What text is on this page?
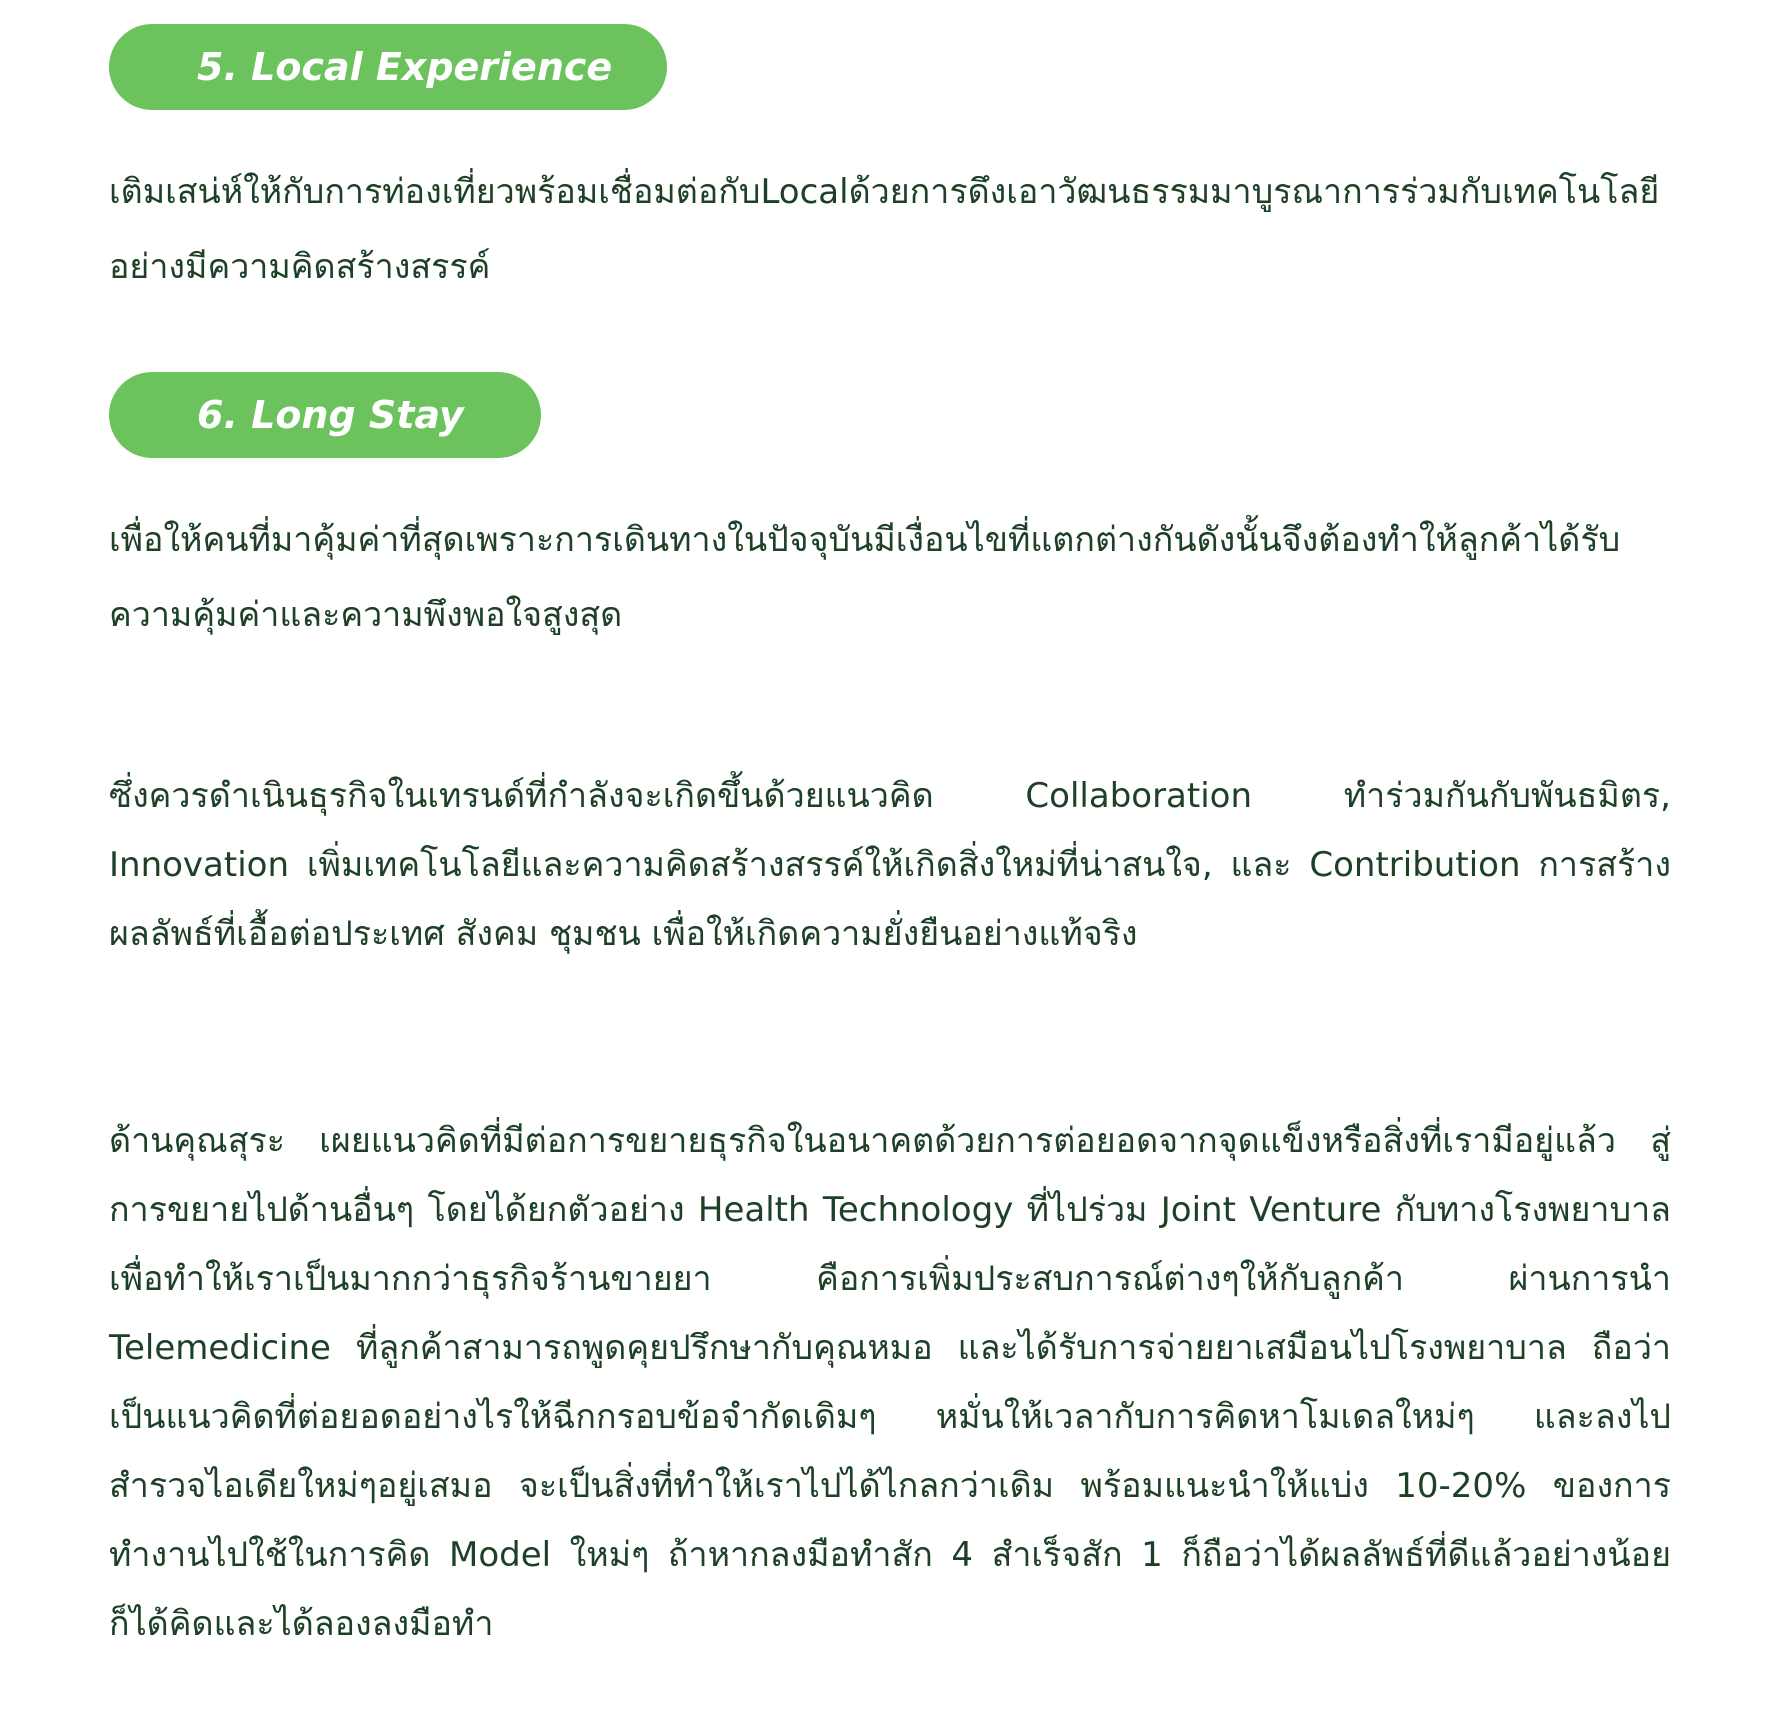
5. Local Experience

เติมเสน่ห์ให้กับการท่องเที่ยวพร้อมเชื่อมต่อกับLocalด้วยการดึงเอาวัฒนธรรมมาบูรณาการร่วมกับเทคโนโลยีอย่างมีความคิดสร้างสรรค์

6. Long Stay

เพื่อให้คนที่มาคุ้มค่าที่สุดเพราะการเดินทางในปัจจุบันมีเงื่อนไขที่แตกต่างกันดังนั้นจึงต้องทำให้ลูกค้าได้รับความคุ้มค่าและความพึงพอใจสูงสุด

ซึ่งควรดำเนินธุรกิจในเทรนด์ที่กำลังจะเกิดขึ้นด้วยแนวคิด Collaboration ทำร่วมกันกับพันธมิตร, Innovation เพิ่มเทคโนโลยีและความคิดสร้างสรรค์ให้เกิดสิ่งใหม่ที่น่าสนใจ, และ Contribution การสร้างผลลัพธ์ที่เอื้อต่อประเทศ สังคม ชุมชน เพื่อให้เกิดความยั่งยืนอย่างแท้จริง

ด้านคุณสุระ เผยแนวคิดที่มีต่อการขยายธุรกิจในอนาคตด้วยการต่อยอดจากจุดแข็งหรือสิ่งที่เรามีอยู่แล้ว สู่การขยายไปด้านอื่นๆ โดยได้ยกตัวอย่าง Health Technology ที่ไปร่วม Joint Venture กับทางโรงพยาบาล เพื่อทำให้เราเป็นมากกว่าธุรกิจร้านขายยา คือการเพิ่มประสบการณ์ต่างๆให้กับลูกค้า ผ่านการนำ Telemedicine ที่ลูกค้าสามารถพูดคุยปรึกษากับคุณหมอ และได้รับการจ่ายยาเสมือนไปโรงพยาบาล ถือว่าเป็นแนวคิดที่ต่อยอดอย่างไรให้ฉีกกรอบข้อจำกัดเดิมๆ หมั่นให้เวลากับการคิดหาโมเดลใหม่ๆ และลงไปสำรวจไอเดียใหม่ๆอยู่เสมอ จะเป็นสิ่งที่ทำให้เราไปได้ไกลกว่าเดิม พร้อมแนะนำให้แบ่ง 10-20% ของการทำงานไปใช้ในการคิด Model ใหม่ๆ ถ้าหากลงมือทำสัก 4 สำเร็จสัก 1 ก็ถือว่าได้ผลลัพธ์ที่ดีแล้วอย่างน้อยก็ได้คิดและได้ลองลงมือทำ
